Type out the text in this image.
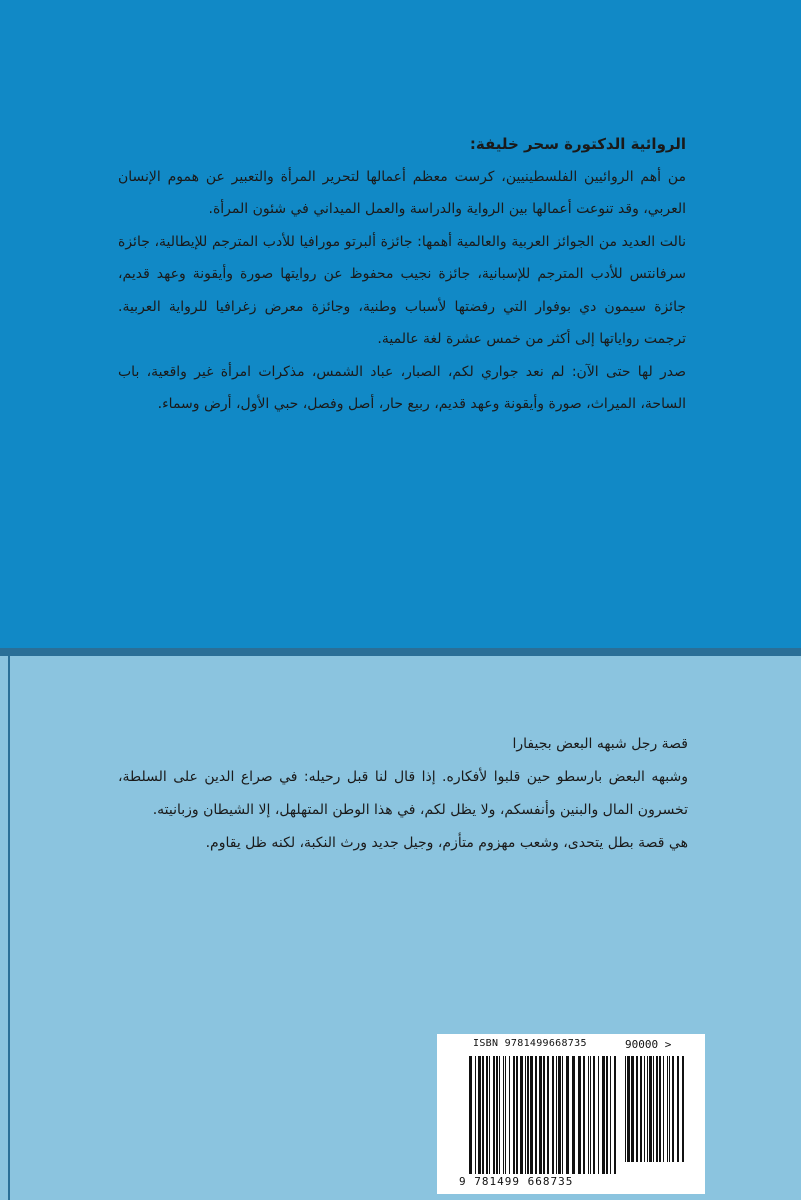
الروائية الدكتورة سحر خليفة:

من أهم الروائيين الفلسطينيين، كرست معظم أعمالها لتحرير المرأة والتعبير عن هموم الإنسان العربي، وقد تنوعت أعمالها بين الرواية والدراسة والعمل الميداني في شئون المرأة.

نالت العديد من الجوائز العربية والعالمية أهمها: جائزة ألبرتو مورافيا للأدب المترجم للإيطالية، جائزة سرفانتس للأدب المترجم للإسبانية، جائزة نجيب محفوظ عن روايتها صورة وأيقونة وعهد قديم، جائزة سيمون دي بوفوار التي رفضتها لأسباب وطنية، وجائزة معرض زغرافيا للرواية العربية. ترجمت رواياتها إلى أكثر من خمس عشرة لغة عالمية.

صدر لها حتى الآن: لم نعد جواري لكم، الصبار، عباد الشمس، مذكرات امرأة غير واقعية، باب الساحة، الميراث، صورة وأيقونة وعهد قديم، ربيع حار، أصل وفصل، حبي الأول، أرض وسماء.

قصة رجل شبهه البعض بجيفارا

وشبهه البعض بارسطو حين قلبوا لأفكاره. إذا قال لنا قبل رحيله: في صراع الدين على السلطة، تخسرون المال والبنين وأنفسكم، ولا يظل لكم، في هذا الوطن المتهلهل، إلا الشيطان وزبانيته.

هي قصة بطل يتحدى، وشعب مهزوم متأزم، وجيل جديد ورث النكبة، لكنه ظل يقاوم.

ISBN 9781499668735	90000 >
9 781499 668735
